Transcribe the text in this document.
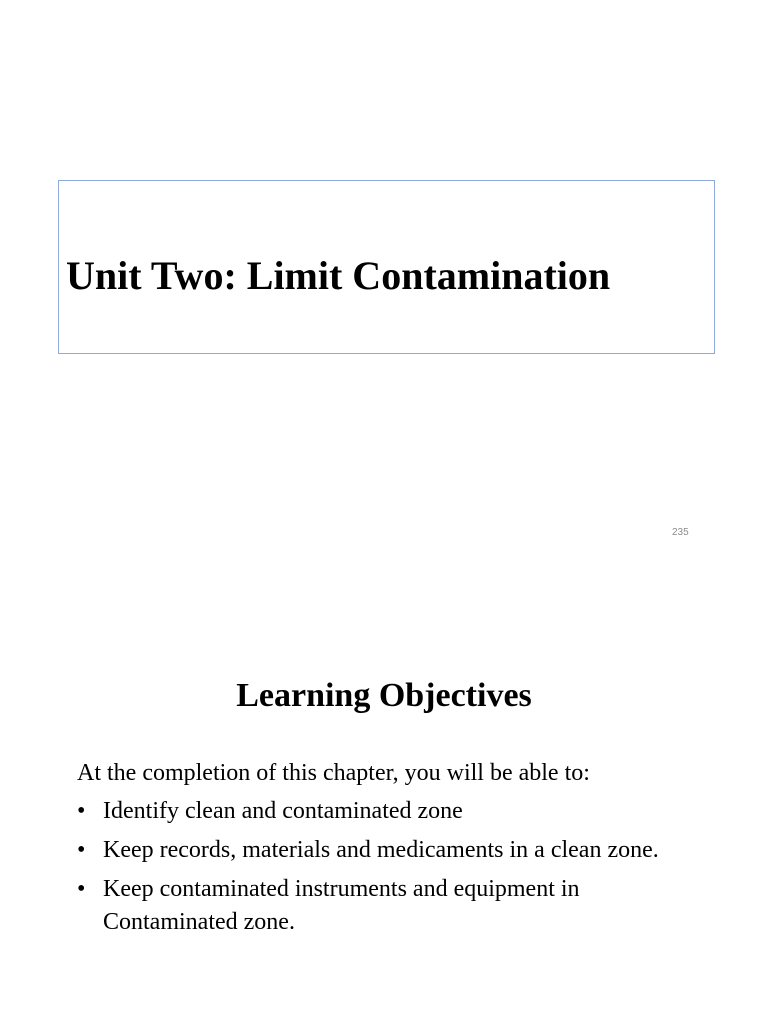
Unit Two: Limit Contamination
235
Learning Objectives

At the completion of this chapter, you will be able to:

• Identify clean and contaminated zone
• Keep records, materials and medicaments in a clean zone.
• Keep contaminated instruments and equipment in Contaminated zone.
